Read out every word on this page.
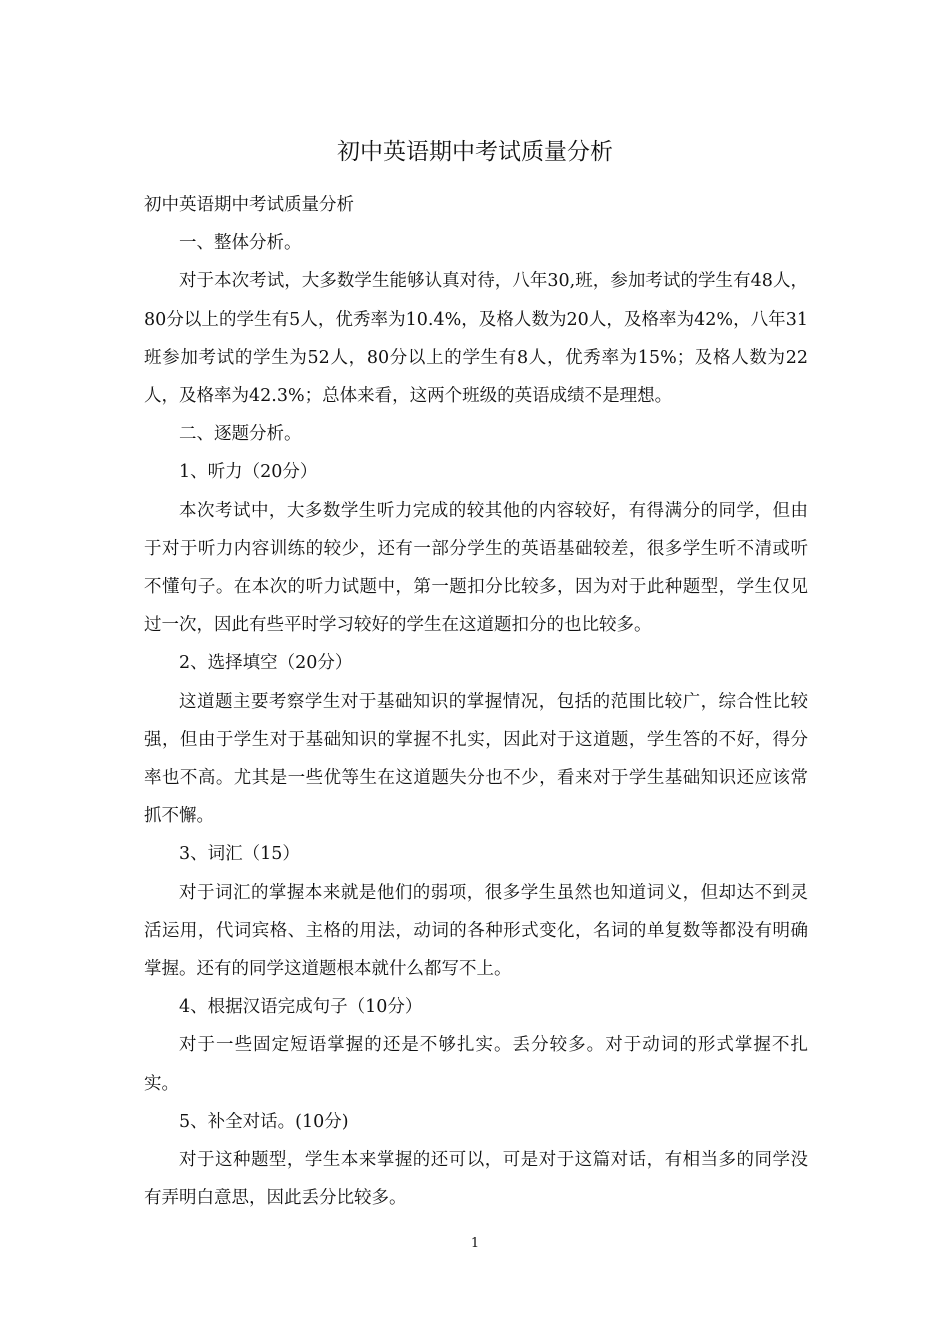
初中英语期中考试质量分析

初中英语期中考试质量分析

一、整体分析。

对于本次考试，大多数学生能够认真对待，八年30,班，参加考试的学生有48人，80分以上的学生有5人，优秀率为10.4%，及格人数为20人，及格率为42%，八年31班参加考试的学生为52人，80分以上的学生有8人，优秀率为15%；及格人数为22人，及格率为42.3%；总体来看，这两个班级的英语成绩不是理想。

二、逐题分析。

1、听力（20分）

本次考试中，大多数学生听力完成的较其他的内容较好，有得满分的同学，但由于对于听力内容训练的较少，还有一部分学生的英语基础较差，很多学生听不清或听不懂句子。在本次的听力试题中，第一题扣分比较多，因为对于此种题型，学生仅见过一次，因此有些平时学习较好的学生在这道题扣分的也比较多。

2、选择填空（20分）

这道题主要考察学生对于基础知识的掌握情况，包括的范围比较广，综合性比较强，但由于学生对于基础知识的掌握不扎实，因此对于这道题，学生答的不好，得分率也不高。尤其是一些优等生在这道题失分也不少，看来对于学生基础知识还应该常抓不懈。

3、词汇（15）

对于词汇的掌握本来就是他们的弱项，很多学生虽然也知道词义，但却达不到灵活运用，代词宾格、主格的用法，动词的各种形式变化，名词的单复数等都没有明确掌握。还有的同学这道题根本就什么都写不上。

4、根据汉语完成句子（10分）

对于一些固定短语掌握的还是不够扎实。丢分较多。对于动词的形式掌握不扎实。

5、补全对话。(10分)

对于这种题型，学生本来掌握的还可以，可是对于这篇对话，有相当多的同学没有弄明白意思，因此丢分比较多。

1
